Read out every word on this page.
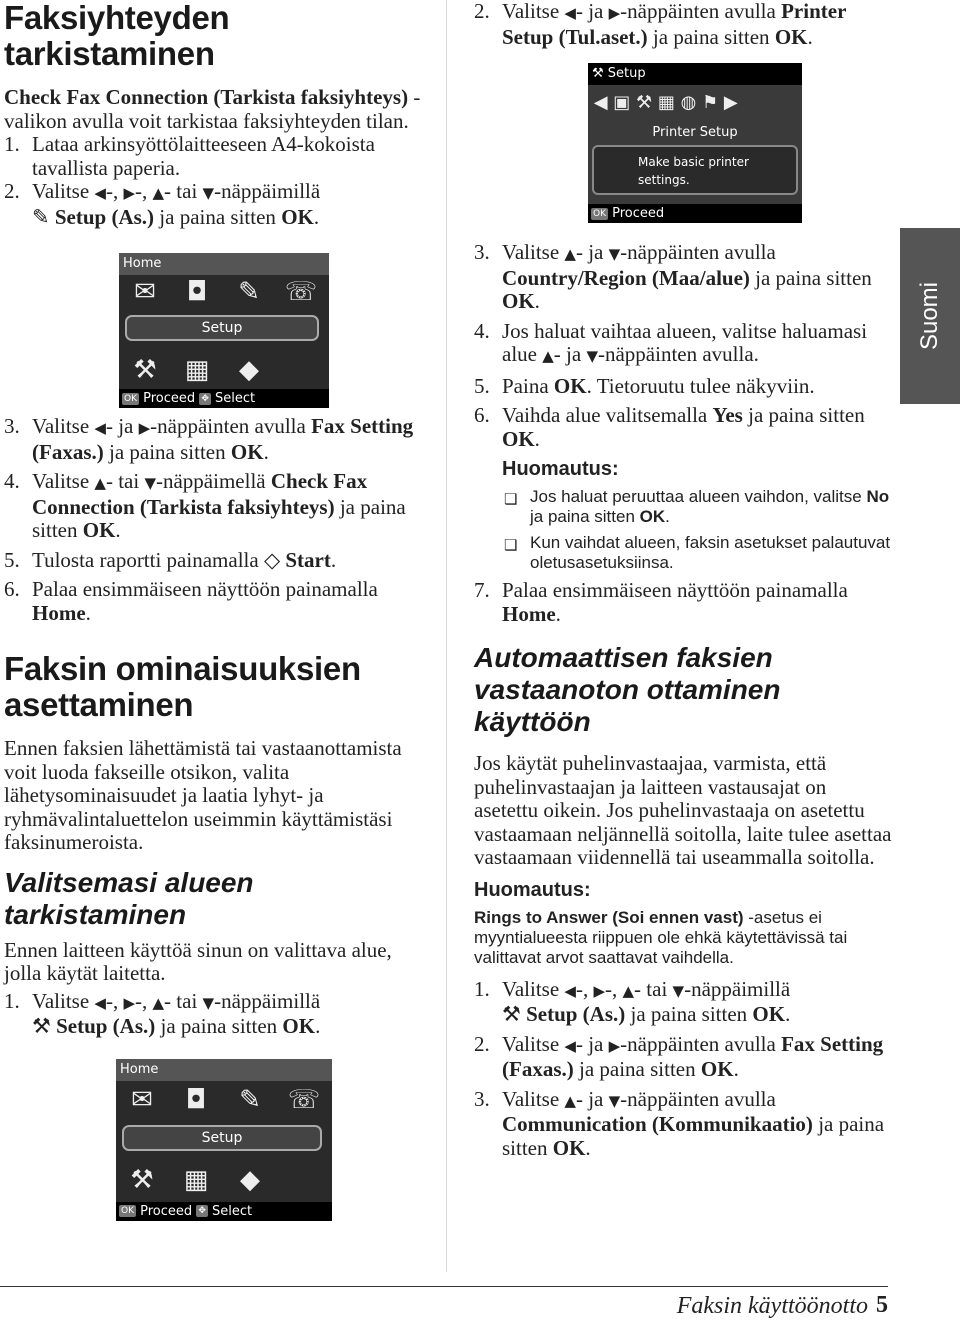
Faksiyhteyden tarkistaminen

Check Fax Connection (Tarkista faksiyhteys) -valikon avulla voit tarkistaa faksiyhteyden tilan.

1. Lataa arkinsyöttölaitteeseen A4-kokoista tavallista paperia.
2. Valitse ◀-, ▶-, ▲- tai ▼-näppäimillä
✎ Setup (As.) ja paina sitten OK.
Home
✉ ◘ ✎ ☏
Setup
⚒ ▦	◆
OK Proceed ✥ Select
3. Valitse ◀- ja ▶-näppäinten avulla Fax Setting (Faxas.) ja paina sitten OK.
4. Valitse ▲- tai ▼-näppäimellä Check Fax Connection (Tarkista faksiyhteys) ja paina sitten OK.
5. Tulosta raportti painamalla ◇ Start.
6. Palaa ensimmäiseen näyttöön painamalla Home.
Faksin ominaisuuksien asettaminen

Ennen faksien lähettämistä tai vastaanottamista voit luoda fakseille otsikon, valita lähetysominaisuudet ja laatia lyhyt- ja ryhmävalintaluettelon useimmin käyttämistäsi faksinumeroista.

Valitsemasi alueen tarkistaminen

Ennen laitteen käyttöä sinun on valittava alue, jolla käytät laitetta.

1. Valitse ◀-, ▶-, ▲- tai ▼-näppäimillä
⚒ Setup (As.) ja paina sitten OK.
Home
✉ ◘ ✎ ☏
Setup
⚒ ▦	◆
OK Proceed ✥ Select
2. Valitse ◀- ja ▶-näppäinten avulla Printer Setup (Tul.aset.) ja paina sitten OK.
⚒ Setup
◀ ▣ ⚒ ▦ ◍ ⚑ ▶
Printer Setup
Make basic printer
settings.
OK Proceed
3. Valitse ▲- ja ▼-näppäinten avulla Country/Region (Maa/alue) ja paina sitten OK.
4. Jos haluat vaihtaa alueen, valitse haluamasi alue ▲- ja ▼-näppäinten avulla.
5. Paina OK. Tietoruutu tulee näkyviin.
6. Vaihda alue valitsemalla Yes ja paina sitten OK.
Huomautus:
❏ Jos haluat peruuttaa alueen vaihdon, valitse No ja paina sitten OK.
❏ Kun vaihdat alueen, faksin asetukset palautuvat oletusasetuksiinsa.
7. Palaa ensimmäiseen näyttöön painamalla Home.
Automaattisen faksien vastaanoton ottaminen käyttöön

Jos käytät puhelinvastaajaa, varmista, että puhelinvastaajan ja laitteen vastausajat on asetettu oikein. Jos puhelinvastaaja on asetettu vastaamaan neljännellä soitolla, laite tulee asettaa vastaamaan viidennellä tai useammalla soitolla.

Huomautus:
Rings to Answer (Soi ennen vast) -asetus ei myyntialueesta riippuen ole ehkä käytettävissä tai valittavat arvot saattavat vaihdella.
1. Valitse ◀-, ▶-, ▲- tai ▼-näppäimillä
⚒ Setup (As.) ja paina sitten OK.
2. Valitse ◀- ja ▶-näppäinten avulla Fax Setting (Faxas.) ja paina sitten OK.
3. Valitse ▲- ja ▼-näppäinten avulla Communication (Kommunikaatio) ja paina sitten OK.
Suomi
Faksin käyttöönotto 5
